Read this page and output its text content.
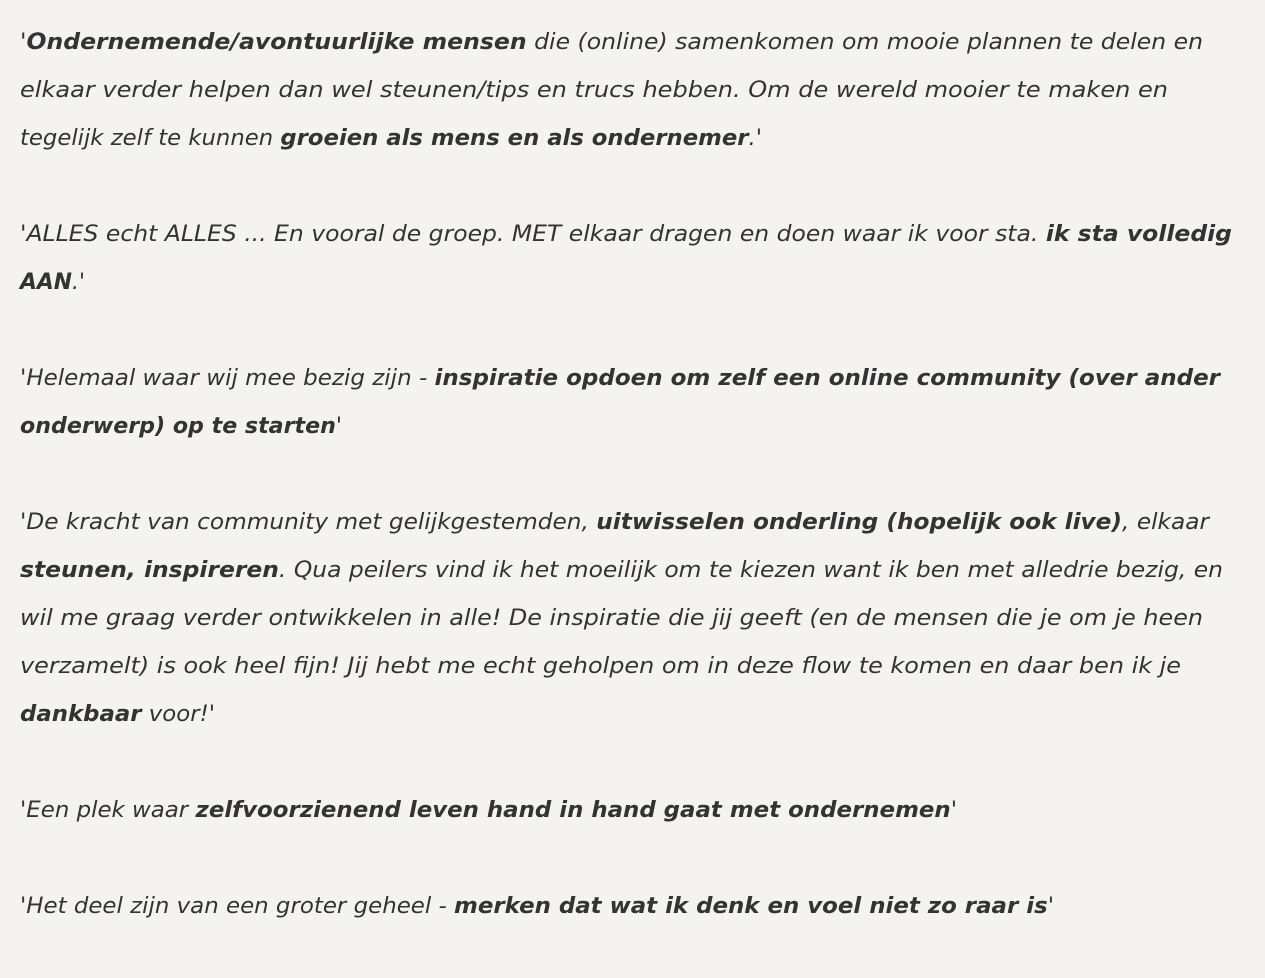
'Ondernemende/avontuurlijke mensen die (online) samenkomen om mooie plannen te delen en
elkaar verder helpen dan wel steunen/tips en trucs hebben. Om de wereld mooier te maken en
tegelijk zelf te kunnen groeien als mens en als ondernemer.'

'ALLES echt ALLES ... En vooral de groep. MET elkaar dragen en doen waar ik voor sta. ik sta volledig
AAN.'

'Helemaal waar wij mee bezig zijn - inspiratie opdoen om zelf een online community (over ander
onderwerp) op te starten'

'De kracht van community met gelijkgestemden, uitwisselen onderling (hopelijk ook live), elkaar
steunen, inspireren. Qua peilers vind ik het moeilijk om te kiezen want ik ben met alledrie bezig, en
wil me graag verder ontwikkelen in alle! De inspiratie die jij geeft (en de mensen die je om je heen
verzamelt) is ook heel fijn! Jij hebt me echt geholpen om in deze flow te komen en daar ben ik je
dankbaar voor!'

'Een plek waar zelfvoorzienend leven hand in hand gaat met ondernemen'

'Het deel zijn van een groter geheel - merken dat wat ik denk en voel niet zo raar is'
